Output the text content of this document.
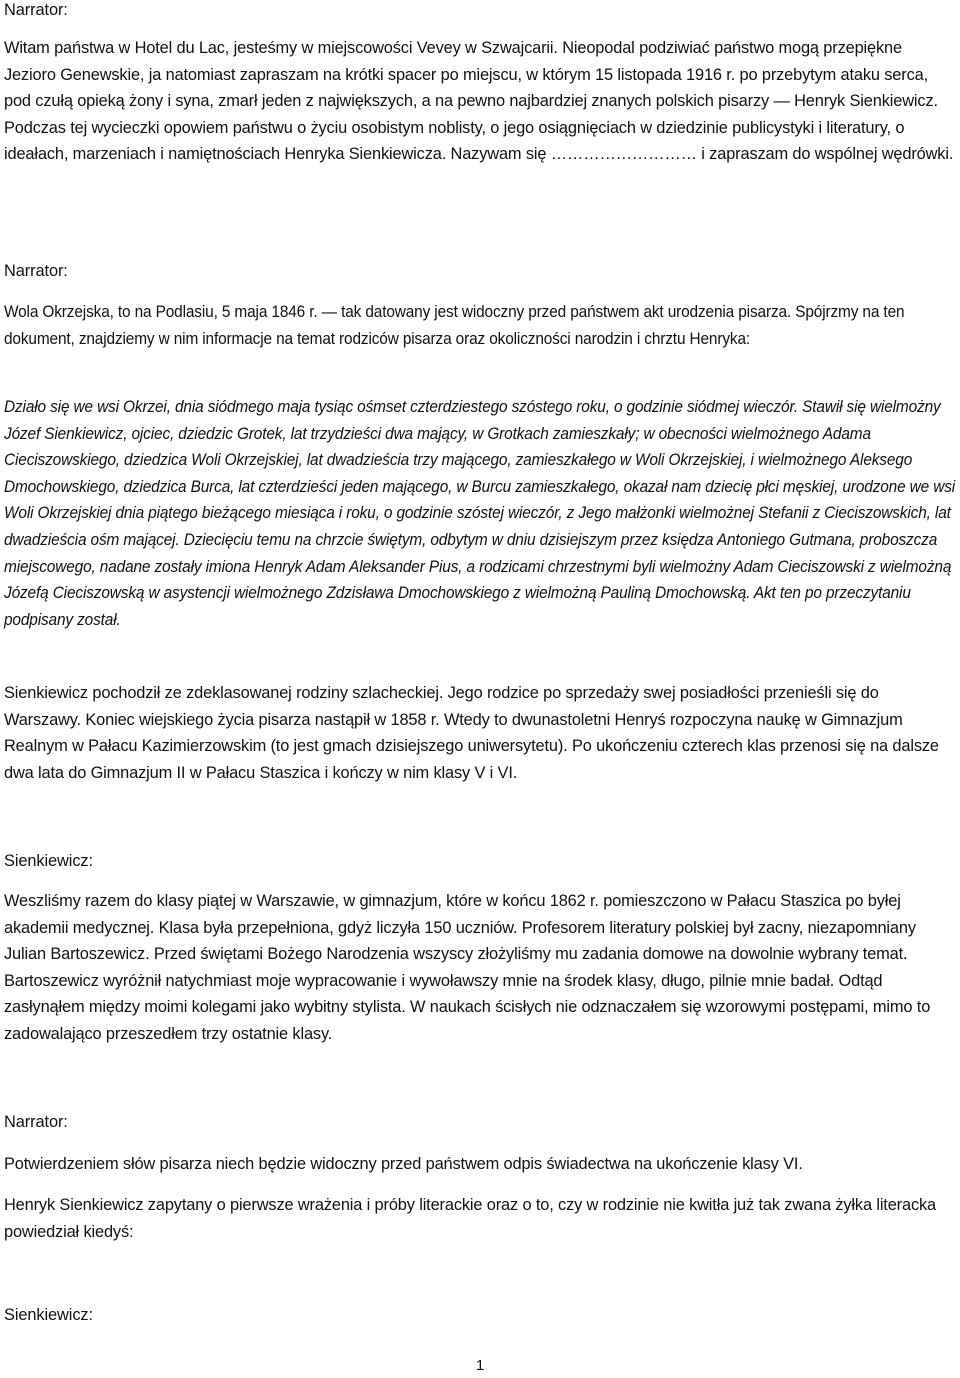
Narrator:
Witam państwa w Hotel du Lac, jesteśmy w miejscowości Vevey w Szwajcarii. Nieopodal podziwiać państwo mogą przepiękne Jezioro Genewskie, ja natomiast zapraszam na krótki spacer po miejscu, w którym 15 listopada 1916 r. po przebytym ataku serca, pod czułą opieką żony i syna, zmarł jeden z największych, a na pewno najbardziej znanych polskich pisarzy — Henryk Sienkiewicz. Podczas tej wycieczki opowiem państwu o życiu osobistym noblisty, o jego osiągnięciach w dziedzinie publicystyki i literatury, o ideałach, marzeniach i namiętnościach Henryka Sienkiewicza. Nazywam się ……………………… i zapraszam do wspólnej wędrówki.
Narrator:
Wola Okrzejska, to na Podlasiu, 5 maja 1846 r. — tak datowany jest widoczny przed państwem akt urodzenia pisarza. Spójrzmy na ten dokument, znajdziemy w nim informacje na temat rodziców pisarza oraz okoliczności narodzin i chrztu Henryka:
Działo się we wsi Okrzei, dnia siódmego maja tysiąc ośmset czterdziestego szóstego roku, o godzinie siódmej wieczór. Stawił się wielmożny Józef Sienkiewicz, ojciec, dziedzic Grotek, lat trzydzieści dwa mający, w Grotkach zamieszkały; w obecności wielmożnego Adama Cieciszowskiego, dziedzica Woli Okrzejskiej, lat dwadzieścia trzy mającego, zamieszkałego w Woli Okrzejskiej, i wielmożnego Aleksego Dmochowskiego, dziedzica Burca, lat czterdzieści jeden mającego, w Burcu zamieszkałego, okazał nam dziecię płci męskiej, urodzone we wsi Woli Okrzejskiej dnia piątego bieżącego miesiąca i roku, o godzinie szóstej wieczór, z Jego małżonki wielmożnej Stefanii z Cieciszowskich, lat dwadzieścia ośm mającej. Dziecięciu temu na chrzcie świętym, odbytym w dniu dzisiejszym przez księdza Antoniego Gutmana, proboszcza miejscowego, nadane zostały imiona Henryk Adam Aleksander Pius, a rodzicami chrzestnymi byli wielmożny Adam Cieciszowski z wielmożną Józefą Cieciszowską w asystencji wielmożnego Zdzisława Dmochowskiego z wielmożną Pauliną Dmochowską. Akt ten po przeczytaniu podpisany został.
Sienkiewicz pochodził ze zdeklasowanej rodziny szlacheckiej. Jego rodzice po sprzedaży swej posiadłości przenieśli się do Warszawy. Koniec wiejskiego życia pisarza nastąpił w 1858 r. Wtedy to dwunastoletni Henryś rozpoczyna naukę w Gimnazjum Realnym w Pałacu Kazimierzowskim (to jest gmach dzisiejszego uniwersytetu). Po ukończeniu czterech klas przenosi się na dalsze dwa lata do Gimnazjum II w Pałacu Staszica i kończy w nim klasy V i VI.
Sienkiewicz:
Weszliśmy razem do klasy piątej w Warszawie, w gimnazjum, które w końcu 1862 r. pomieszczono w Pałacu Staszica po byłej akademii medycznej. Klasa była przepełniona, gdyż liczyła 150 uczniów. Profesorem literatury polskiej był zacny, niezapomniany Julian Bartoszewicz. Przed świętami Bożego Narodzenia wszyscy złożyliśmy mu zadania domowe na dowolnie wybrany temat. Bartoszewicz wyróżnił natychmiast moje wypracowanie i wywoławszy mnie na środek klasy, długo, pilnie mnie badał. Odtąd zasłynąłem między moimi kolegami jako wybitny stylista. W naukach ścisłych nie odznaczałem się wzorowymi postępami, mimo to zadowalająco przeszedłem trzy ostatnie klasy.
Narrator:
Potwierdzeniem słów pisarza niech będzie widoczny przed państwem odpis świadectwa na ukończenie klasy VI.
Henryk Sienkiewicz zapytany o pierwsze wrażenia i próby literackie oraz o to, czy w rodzinie nie kwitła już tak zwana żyłka literacka powiedział kiedyś:
Sienkiewicz:
1
